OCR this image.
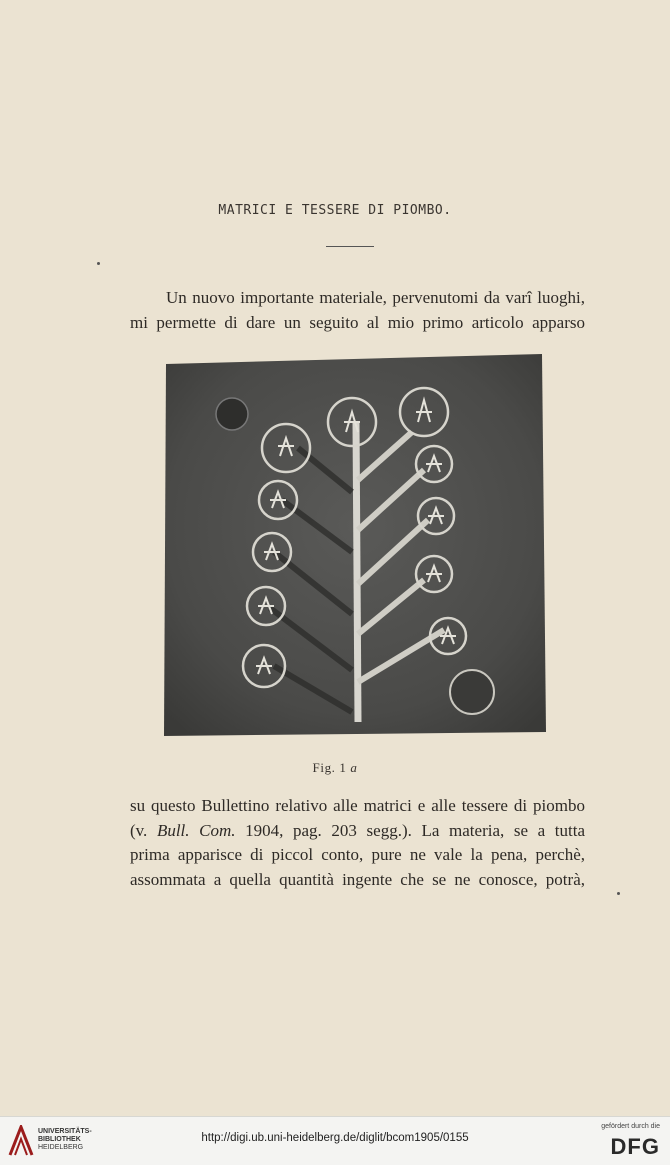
MATRICI E TESSERE DI PIOMBO.
Un nuovo importante materiale, pervenutomi da varî luoghi,
mi permette di dare un seguito al mio primo articolo apparso
Fig. 1 a
su questo Bullettino relativo alle matrici e alle tessere di piombo
(v. Bull. Com. 1904, pag. 203 segg.). La materia, se a tutta
prima apparisce di piccol conto, pure ne vale la pena, perchè,
assommata a quella quantità ingente che se ne conosce, potrà,
UNIVERSITÄTS-
BIBLIOTHEK
HEIDELBERG
http://digi.ub.uni-heidelberg.de/diglit/bcom1905/0155
gefördert durch die
DFG
